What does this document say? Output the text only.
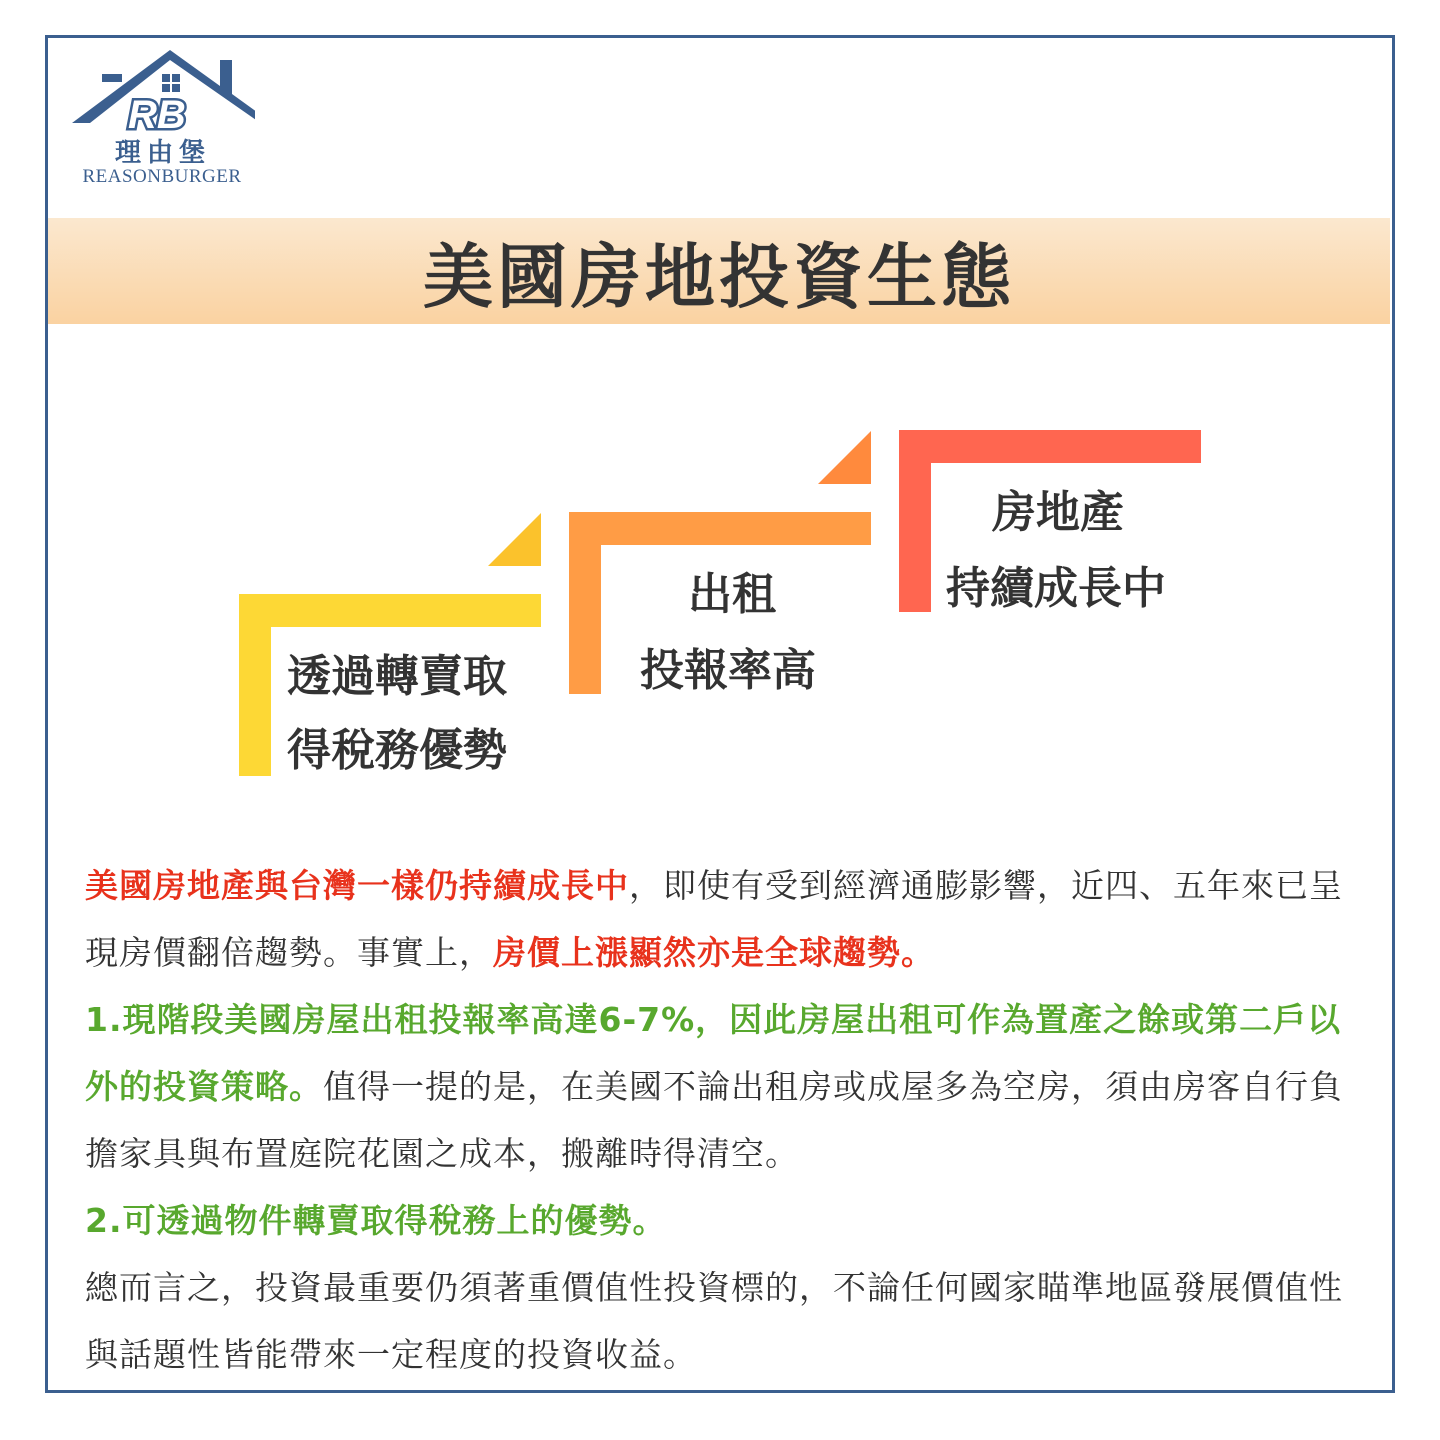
RB
理由堡
REASONBURGER
美國房地投資生態
透過轉賣取
得稅務優勢
出租
投報率高
房地產
持續成長中
美國房地產與台灣一樣仍持續成長中，即使有受到經濟通膨影響，近四、五年來已呈現房價翻倍趨勢。事實上，房價上漲顯然亦是全球趨勢。
1.現階段美國房屋出租投報率高達6-7%，因此房屋出租可作為置產之餘或第二戶以外的投資策略。值得一提的是，在美國不論出租房或成屋多為空房，須由房客自行負擔家具與布置庭院花園之成本，搬離時得清空。
2.可透過物件轉賣取得稅務上的優勢。
總而言之，投資最重要仍須著重價值性投資標的，不論任何國家瞄準地區發展價值性與話題性皆能帶來一定程度的投資收益。
